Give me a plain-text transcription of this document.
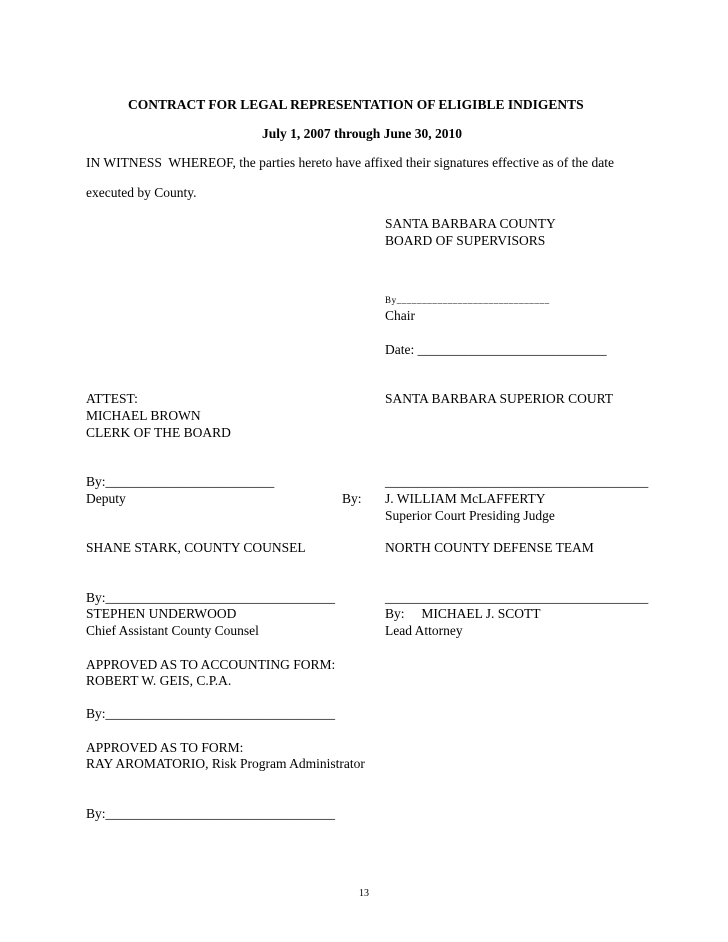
CONTRACT FOR LEGAL REPRESENTATION OF ELIGIBLE INDIGENTS
July 1, 2007 through June 30, 2010
IN WITNESS  WHEREOF, the parties hereto have affixed their signatures effective as of the date
executed by County.
SANTA BARBARA COUNTY
BOARD OF SUPERVISORS
By______________________________
Chair
Date: ____________________________
ATTEST:
MICHAEL BROWN
CLERK OF THE BOARD
By:_________________________
Deputy
SANTA BARBARA SUPERIOR COURT
_______________________________________
By: J. WILLIAM McLAFFERTY
Superior Court Presiding Judge
SHANE STARK, COUNTY COUNSEL
By:__________________________________
STEPHEN UNDERWOOD
Chief Assistant County Counsel
NORTH COUNTY DEFENSE TEAM
_______________________________________
By:     MICHAEL J. SCOTT
Lead Attorney
APPROVED AS TO ACCOUNTING FORM:
ROBERT W. GEIS, C.P.A.
By:__________________________________
APPROVED AS TO FORM:
RAY AROMATORIO, Risk Program Administrator
By:__________________________________
13
